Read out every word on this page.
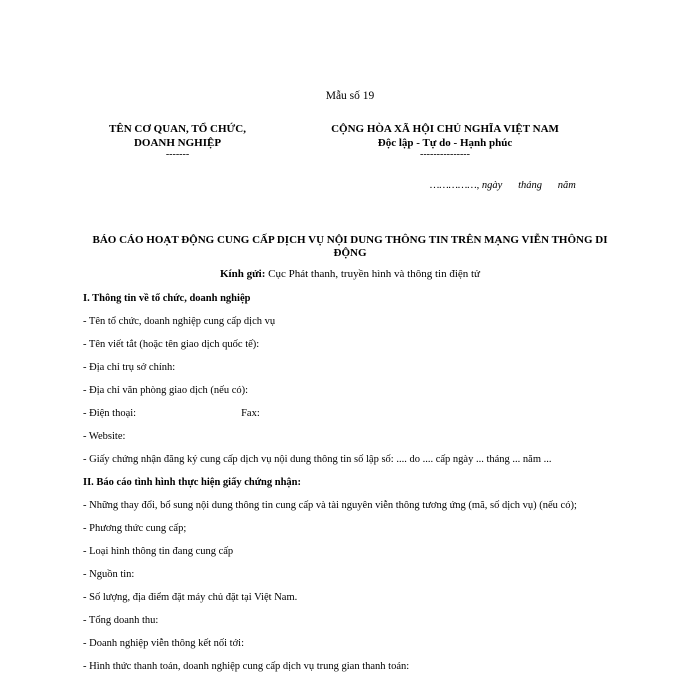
Mẫu số 19
TÊN CƠ QUAN, TỔ CHỨC,
DOANH NGHIỆP
-------
CỘNG HÒA XÃ HỘI CHỦ NGHĨA VIỆT NAM
Độc lập - Tự do - Hạnh phúc
---------------
……………, ngày      tháng      năm
BÁO CÁO HOẠT ĐỘNG CUNG CẤP DỊCH VỤ NỘI DUNG THÔNG TIN TRÊN MẠNG VIỄN THÔNG DI ĐỘNG
Kính gửi: Cục Phát thanh, truyền hình và thông tin điện tử
I. Thông tin về tổ chức, doanh nghiệp
- Tên tổ chức, doanh nghiệp cung cấp dịch vụ
- Tên viết tắt (hoặc tên giao dịch quốc tế):
- Địa chỉ trụ sở chính:
- Địa chỉ văn phòng giao dịch (nếu có):
- Điện thoại:	Fax:
- Website:
- Giấy chứng nhận đăng ký cung cấp dịch vụ nội dung thông tin số lập số: .... do .... cấp ngày ... tháng ... năm ...
II. Báo cáo tình hình thực hiện giấy chứng nhận:
- Những thay đổi, bổ sung nội dung thông tin cung cấp và tài nguyên viễn thông tương ứng (mã, số dịch vụ) (nếu có);
- Phương thức cung cấp;
- Loại hình thông tin đang cung cấp
- Nguồn tin:
- Số lượng, địa điểm đặt máy chủ đặt tại Việt Nam.
- Tổng doanh thu:
- Doanh nghiệp viễn thông kết nối tới:
- Hình thức thanh toán, doanh nghiệp cung cấp dịch vụ trung gian thanh toán:
